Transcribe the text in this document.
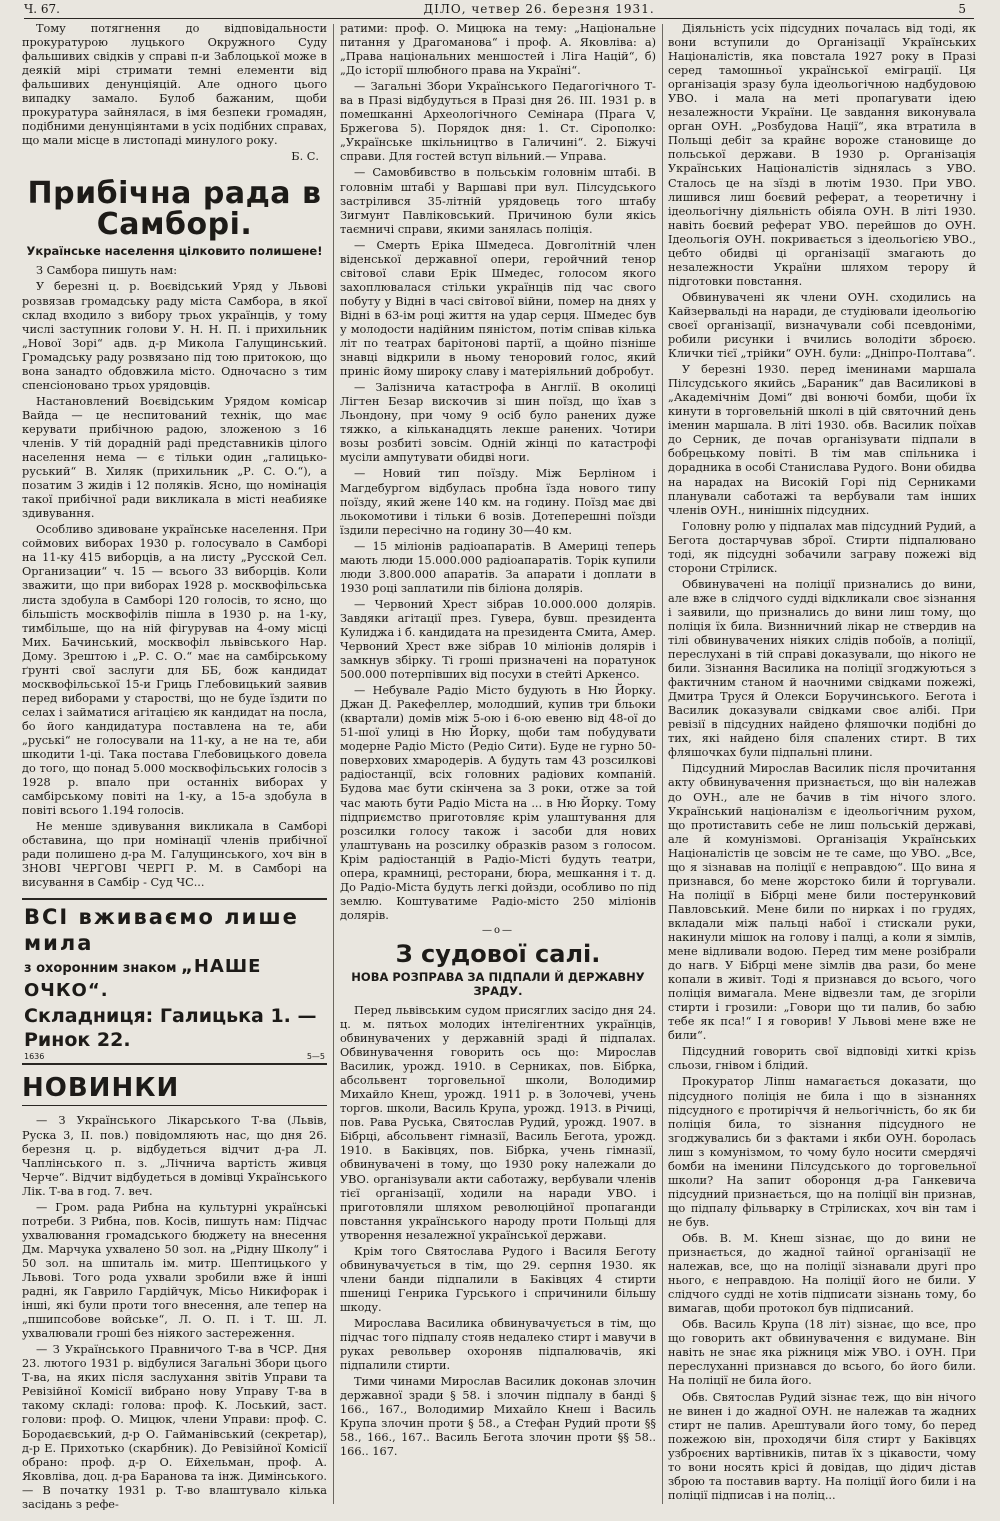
Ч. 67.	ДІЛО, четвер 26. березня 1931.	5

Тому потягнення до відповідальности прокуратурою луцького Окружного Суду фальшивих свідків у справі п-и Заблоцької може в деякій мірі стримати темні елементи від фальшивих денунціяцій. Але одного цього випадку замало. Булоб бажаним, щоби прокуратура зайнялася, в імя безпеки громадян, подібними денунціянтами в усіх подібних справах, що мали місце в листопаді минулого року.

Б. С.
Прибічна рада в Самборі.
Українське населення цілковито полишене!

З Самбора пишуть нам:

У березні ц. р. Воєвідський Уряд у Львові розвязав громадську раду міста Самбора, в якої склад входило з вибору трьох українців, у тому числі заступник голови У. Н. Н. П. і прихильник „Нової Зорі“ адв. д-р Микола Галущинський. Громадську раду розвязано під тою притокою, що вона занадто обдовжила місто. Одночасно з тим спенсіоновано трьох урядовців.

Настановлений Воєвідським Урядом комісар Вайда — це неспитований технік, що має керувати прибічною радою, зложеною з 16 членів. У тій дорадній раді представників цілого населення нема — є тільки один „галицько-руський“ В. Хиляк (прихильник „Р. С. О.“), а позатим 3 жидів і 12 поляків. Ясно, що номінація такої прибічної ради викликала в місті неабияке здивування.

Особливо здивоване українське населення. При соймових виборах 1930 р. голосувало в Самборі на 11-ку 415 виборців, а на листу „Русской Сел. Организации“ ч. 15 — всього 33 виборців. Коли зважити, що при виборах 1928 р. москвофільська листа здобула в Самборі 120 голосів, то ясно, що більшість москвофілів пішла в 1930 р. на 1-ку, тимбільше, що на ній фігурував на 4-ому місці Мих. Бачинський, москвофіл львівського Нар. Дому. Зрештою і „Р. С. О.“ має на самбірському ґрунті свої заслуги для ББ, бож кандидат москвофільської 15-и Гриць Глебовицький заявив перед виборами у старостві, що не буде їздити по селах і займатися агітацією як кандидат на посла, бо його кандидатура поставлена на те, аби „руські“ не голосували на 11-ку, а не на те, аби шкодити 1-ці. Така постава Глебовицького довела до того, що понад 5.000 москвофільських голосів з 1928 р. впало при останніх виборах у самбірському повіті на 1-ку, а 15-а здобула в повіті всього 1.194 голосів.

Не менше здивування викликала в Самборі обставина, що при номінації членів прибічної ради полишено д-ра М. Галущинського, хоч він в ЗНОВІ ЧЕРГОВІ ЧЕРГІ Р. М. в Самборі на висування в Самбір - Суд ЧС...

ВСІ вживаємо лише мила
з охоронним знаком „НАШЕ ОЧКО“.
Складниця: Галицька 1. — Ринок 22.
1636	5—5
НОВИНКИ

— З Українського Лікарського Т-ва (Львів, Руска 3, II. пов.) повідомляють нас, що дня 26. березня ц. р. відбудеться відчит д-ра Л. Чаплінського п. з. „Лічнича вартість живця Черче“. Відчит відбудеться в домівці Українського Лік. Т-ва в год. 7. веч.

— Гром. рада Рибна на культурні українські потреби. З Рибна, пов. Косів, пишуть нам: Підчас ухвалювання громадського бюджету на внесення Дм. Марчука ухвалено 50 зол. на „Рідну Школу“ і 50 зол. на шпиталь ім. митр. Шептицького у Львові. Того рода ухвали зробили вже й інші радні, як Гаврило Гардійчук, Місьо Никифорак і інші, які були проти того внесення, але тепер на „пшипсобове войське“, Л. О. П. і Т. Ш. Л. ухвалювали гроші без ніякого застереження.

— З Українського Правничого Т-ва в ЧСР. Дня 23. лютого 1931 р. відбулися Загальні Збори цього Т-ва, на яких після заслухання звітів Управи та Ревізійної Комісії вибрано нову Управу Т-ва в такому складі: голова: проф. К. Лоський, заст. голови: проф. О. Мицюк, члени Управи: проф. С. Бородаєвський, д-р О. Гайманівський (секретар), д-р Е. Прихотько (скарбник). До Ревізійної Комісії обрано: проф. д-р О. Ейхельман, проф. А. Яковліва, доц. д-ра Баранова та інж. Димінського. — В початку 1931 р. Т-во влаштувало кілька засідань з рефе-

ратими: проф. О. Мицюка на тему: „Національне питання у Драгоманова“ і проф. А. Яковліва: а) „Права національних меншостей і Ліга Націй“, б) „До історії шлюбного права на Україні“.

— Загальні Збори Українського Педагогічного Т-ва в Празі відбудуться в Празі дня 26. III. 1931 р. в помешканні Археологічного Семінара (Прага V, Бржегова 5). Порядок дня: 1. Ст. Сірополко: „Українське шкільництво в Галичині“. 2. Біжучі справи. Для гостей вступ вільний.— Управа.

— Самовбивство в польськім головнім штабі. В головнім штабі у Варшаві при вул. Пілсудського застрілився 35-літній урядовець того штабу Зигмунт Павліковський. Причиною були якісь таємничі справи, якими занялась поліція.

— Смерть Еріка Шмедеса. Довголітній член віденської державної опери, геройчний тенор світової слави Ерік Шмедес, голосом якого захоплювалася стільки українців під час свого побуту у Відні в часі світової війни, помер на днях у Відні в 63-ім році життя на удар серця. Шмедес був у молодости надійним пяністом, потім співав кілька літ по театрах барітонові партії, а щойно пізніше знавці відкрили в ньому теноровий голос, який приніс йому широку славу і матеріяльний добробут.

— Залізнича катастрофа в Англії. В околиці Лігтен Безар вискочив зі шин поїзд, що їхав з Льондону, при чому 9 осіб було ранених дуже тяжко, а кільканадцять лекше ранених. Чотири возы розбиті зовсім. Одній жінці по катастрофі мусіли ампутувати обидві ноги.

— Новий тип поїзду. Між Берліном і Магдебургом відбулась пробна їзда нового типу поїзду, який жене 140 км. на годину. Поїзд має дві льокомотиви і тільки 6 возів. Дотеперешні поїзди їздили пересічно на годину 30—40 км.

— 15 міліонів радіоапаратів. В Америці теперь мають люди 15.000.000 радіоапаратів. Торік купили люди 3.800.000 апаратів. За апарати і доплати в 1930 році заплатили пів біліона долярів.

— Червоний Хрест зібрав 10.000.000 долярів. Завдяки агітації през. Гувера, бувш. президента Кулиджа і б. кандидата на президента Смита, Амер. Червоний Хрест вже зібрав 10 міліонів долярів і замкнув збірку. Ті гроші призначені на поратунок 500.000 потерпівших від посухи в стейті Аркенсо.

— Небувале Радіо Місто будують в Ню Йорку. Джан Д. Ракефеллер, молодший, купив три бльоки (квартали) домів між 5-ою і 6-ою евеню від 48-ої до 51-шої улиці в Ню Йорку, щоби там побудувати модерне Радіо Місто (Редіо Сити). Буде не гурно 50-поверхових хмародерів. А будуть там 43 розсилкові радіостанції, всіх головних радіових компаній. Будова має бути скінчена за 3 роки, отже за той час мають бути Радіо Міста на ... в Ню Йорку. Тому підприємство приготовляє крім улаштування для розсилки голосу також і засоби для нових улаштувань на розсилку образків разом з голосом. Крім радіостанцій в Радіо-Місті будуть театри, опера, крамниці, ресторани, бюра, мешкання і т. д. До Радіо-Міста будуть легкі дойзди, особливо по під землю. Коштуватиме Радіо-місто 250 міліонів долярів.

—о—
З судової салі.
НОВА РОЗПРАВА ЗА ПІДПАЛИ Й ДЕРЖАВНУ ЗРАДУ.

Перед львівським судом присяглих засідо дня 24. ц. м. пятьох молодих інтелігентних українців, обвинувачених у державній зраді й підпалах. Обвинувачення говорить ось що: Мирослав Василик, урожд. 1910. в Серниках, пов. Бібрка, абсольвент торговельної школи, Володимир Михайло Кнеш, урожд. 1911 р. в Золочеві, учень торгов. школи, Василь Крупа, урожд. 1913. в Річиці, пов. Рава Руська, Святослав Рудий, урожд. 1907. в Бібрці, абсольвент гімназії, Василь Бегота, урожд. 1910. в Баківцях, пов. Бібрка, учень гімназії, обвинувачені в тому, що 1930 року належали до УВО. організували акти саботажу, вербували членів тієї організації, ходили на наради УВО. і приготовляли шляхом революційної пропаганди повстання українського народу проти Польщі для утворення незалежної української держави.

Крім того Святослава Рудого і Василя Беготу обвинувачується в тім, що 29. серпня 1930. як члени банди підпалили в Баківцях 4 стирти пшениці Генрика Гурського і спричинили більшу шкоду.

Мирослава Василика обвинувачується в тім, що підчас того підпалу стояв недалеко стирт і мавучи в руках револьвер охороняв підпалювачів, які підпалили стирти.

Тими чинами Мирослав Василик доконав злочин державної зради § 58. і злочин підпалу в банді § 166., 167., Володимир Михайло Кнеш і Василь Крупа злочин проти § 58., а Стефан Рудий проти §§ 58., 166., 167.. Василь Бегота злочин проти §§ 58.. 166.. 167.

Діяльність усіх підсудних почалась від тоді, як вони вступили до Організації Українських Націоналістів, яка повстала 1927 року в Празі серед тамошньої української еміграції. Ця організація зразу була ідеольогічною надбудовою УВО. і мала на меті пропагувати ідею незалежности України. Це завдання виконувала орган ОУН. „Розбудова Нації“, яка втратила в Польщі дебіт за крайнє вороже становище до польської держави. В 1930 р. Організація Українських Націоналістів зіднялась з УВО. Сталось це на зїзді в лютім 1930. При УВО. лишився лиш боєвий реферат, а теоретичну і ідеольогічну діяльність обіяла ОУН. В літі 1930. навіть боєвий реферат УВО. перейшов до ОУН. Ідеольогія ОУН. покривається з ідеольогією УВО., цебто обидві ці організації змагають до незалежности України шляхом терору й підготовки повстання.

Обвинувачені як члени ОУН. сходились на Кайзервальді на наради, де студіювали ідеольогію своєї організації, визначували собі псевдоніми, робили рисунки і вчились володіти зброєю. Клички тієї „трійки“ ОУН. були: „Дніпро-Полтава“.

У березні 1930. перед іменинами маршала Пілсудського якийсь „Бараник“ дав Василикові в „Академічнім Домі“ дві вонючі бомби, щоби їх кинути в торговельній школі в цій святочний день іменин маршала. В літі 1930. обв. Василик поїхав до Серник, де почав організувати підпали в бобрецькому повіті. В тім мав спільника і дорадника в особі Станислава Рудого. Вони обидва на нарадах на Високій Горі під Серниками планували саботажі та вербували там інших членів ОУН., нинішніх підсудних.

Головну ролю у підпалах мав підсудний Рудий, а Бегота достарчував зброї. Стирти підпалювано тоді, як підсудні зобачили заграву пожежі від сторони Стрілиск.

Обвинувачені на поліції признались до вини, але вже в слідчого судді відкликали своє зізнання і заявили, що признались до вини лиш тому, що поліція їх била. Визнничний лікар не ствердив на тілі обвинувачених ніяких слідів побоїв, а поліції, переслухані в тій справі доказували, що нікого не били. Зізнання Василика на поліції згоджуються з фактичним станом й наочними свідками пожежі, Дмитра Труся й Олекси Боручинського. Бегота і Василик доказували свідками своє алібі. При ревізії в підсудних найдено фляшочки подібні до тих, які найдено біля спалених стирт. В тих фляшочках були підпальні плини.

Підсудний Мирослав Василик після прочитання акту обвинувачення признається, що він належав до ОУН., але не бачив в тім нічого злого. Український націоналізм є ідеольогічним рухом, що протиставить себе не лиш польській державі, але й комунізмові. Організація Українських Націоналістів це зовсім не те саме, що УВО. „Все, що я зізнавав на поліції є неправдою“. Що вина я признався, бо мене жорстоко били й торгували. На поліції в Бібрці мене били постерунковий Павловський. Мене били по нирках і по грудях, вкладали між пальці набої і стискали руки, накинули мішок на голову і палці, а коли я зімлів, мене відливали водою. Перед тим мене розібрали до нагв. У Бібрці мене зімлів два рази, бо мене копали в живіт. Тоді я признався до всього, чого поліція вимагала. Мене відвезли там, де згоріли стирти і грозили: „Говори що ти палив, бо зaбю тебе як пса!“ І я говорив! У Львові мене вже не били“.

Підсудний говорить свої відповіді хиткі крізь сльози, гнівом і блідий.

Прокуратор Ліпш намагається доказати, що підсудного поліція не била і що в зізнаннях підсудного є протиріччя й нельогічність, бо як би поліція била, то зізнання підсудного не згоджувались би з фактами і якби ОУН. боролась лиш з комунізмом, то чому було носити смердячі бомби на іменини Пілсудського до торговельної школи? На запит оборонця д-ра Ганкевича підсудний признається, що на поліції він признав, що підпалу фільварку в Стрілисках, хоч він там і не був.

Обв. В. М. Кнеш зізнає, що до вини не признається, до жадної тайної організації не належав, все, що на поліції зізнавали другі про нього, є неправдою. На поліції його не били. У слідчого судді не хотів підписати зізнань тому, бо вимагав, щоби протокол був підписаний.

Обв. Василь Крупа (18 літ) зізнає, що все, про що говорить акт обвинувачення є видумане. Він навіть не знає яка ріжниця між УВО. і ОУН. При переслуханні признався до всього, бо його били. На поліції не била його.

Обв. Святослав Рудий зізнає теж, що він нічого не винен і до жадної ОУН. не належав та жадних стирт не палив. Арештували його тому, бо перед пожежою він, проходячи біля стирт у Баківцях узброєних вартівників, питав їх з цікавости, чому то вони носять крісі й довідав, що дідич дістав зброю та поставив варту. На поліції його били і на поліції підписав і на поліц...
